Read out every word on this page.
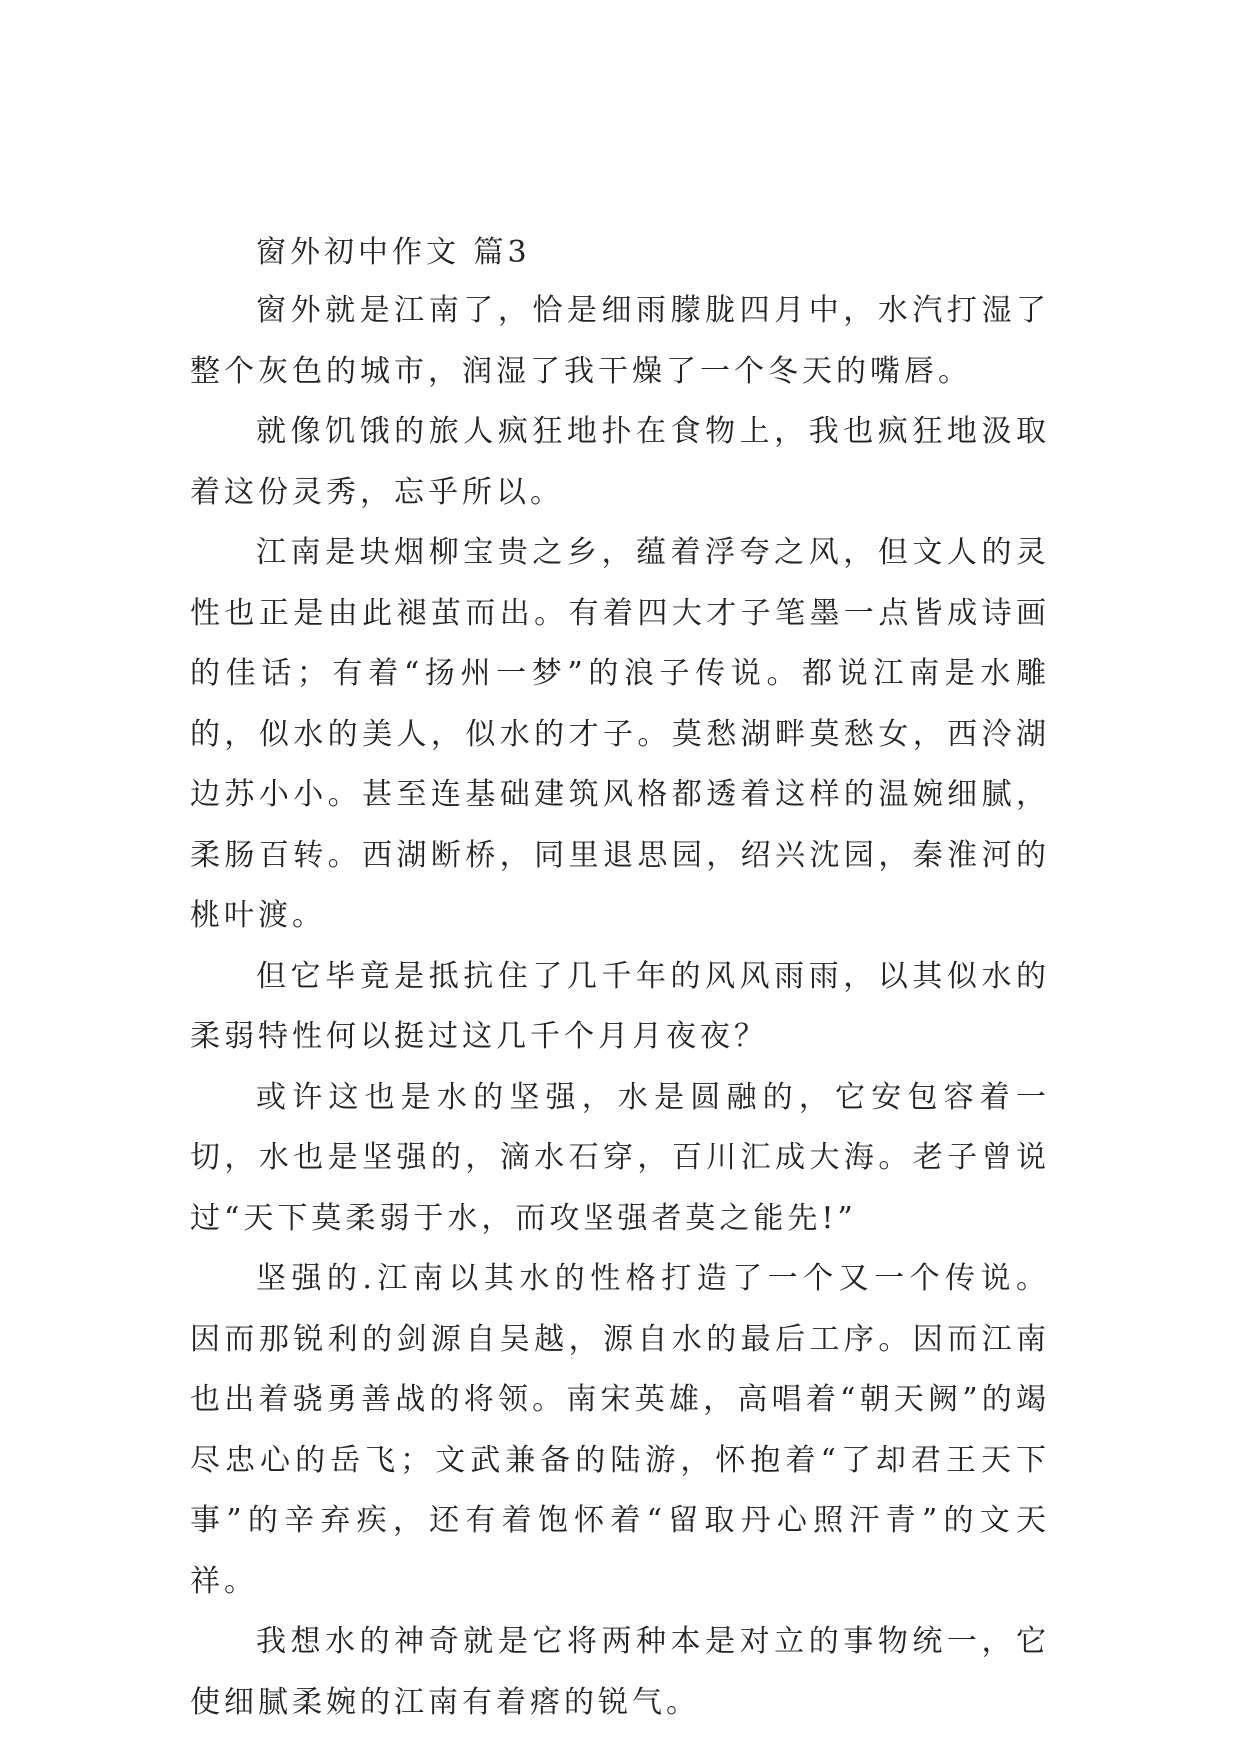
窗外初中作文 篇3

窗外就是江南了，恰是细雨朦胧四月中，水汽打湿了整个灰色的城市，润湿了我干燥了一个冬天的嘴唇。

就像饥饿的旅人疯狂地扑在食物上，我也疯狂地汲取着这份灵秀，忘乎所以。

江南是块烟柳宝贵之乡，蕴着浮夸之风，但文人的灵性也正是由此褪茧而出。有着四大才子笔墨一点皆成诗画的佳话；有着“扬州一梦”的浪子传说。都说江南是水雕的，似水的美人，似水的才子。莫愁湖畔莫愁女，西泠湖边苏小小。甚至连基础建筑风格都透着这样的温婉细腻，柔肠百转。西湖断桥，同里退思园，绍兴沈园，秦淮河的桃叶渡。

但它毕竟是抵抗住了几千年的风风雨雨，以其似水的柔弱特性何以挺过这几千个月月夜夜？

或许这也是水的坚强，水是圆融的，它安包容着一切，水也是坚强的，滴水石穿，百川汇成大海。老子曾说过“天下莫柔弱于水，而攻坚强者莫之能先!”

坚强的.江南以其水的性格打造了一个又一个传说。因而那锐利的剑源自吴越，源自水的最后工序。因而江南也出着骁勇善战的将领。南宋英雄，高唱着“朝天阙”的竭尽忠心的岳飞；文武兼备的陆游，怀抱着“了却君王天下事”的辛弃疾，还有着饱怀着“留取丹心照汗青”的文天祥。

我想水的神奇就是它将两种本是对立的事物统一，它使细腻柔婉的江南有着瘩的锐气。
